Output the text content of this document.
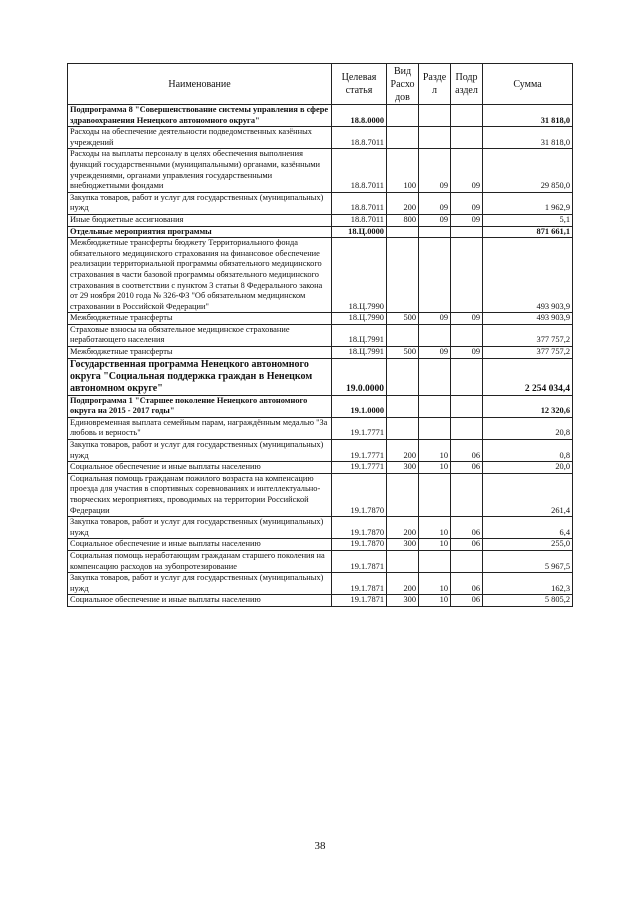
Наименование	Целевая статья	Вид Расхо дов	Разде л	Подр аздел	Сумма
Подпрограмма 8 "Совершенствование системы управления в сфере здравоохранения Ненецкого автономного округа"	18.8.0000				31 818,0
Расходы на обеспечение деятельности подведомственных казённых учреждений	18.8.7011				31 818,0
Расходы на выплаты персоналу в целях обеспечения выполнения функций государственными (муниципальными) органами, казёнными учреждениями, органами управления государственными внебюджетными фондами	18.8.7011	100	09	09	29 850,0
Закупка товаров, работ и услуг для государственных (муниципальных) нужд	18.8.7011	200	09	09	1 962,9
Иные бюджетные ассигнования	18.8.7011	800	09	09	5,1
Отдельные мероприятия программы	18.Ц.0000				871 661,1
Межбюджетные трансферты бюджету Территориального фонда обязательного медицинского страхования на финансовое обеспечение реализации территориальной программы обязательного медицинского страхования в части базовой программы обязательного медицинского страхования в соответствии с пунктом 3 статьи 8 Федерального закона от 29 ноября 2010 года № 326-ФЗ "Об обязательном медицинском страховании в Российской Федерации"	18.Ц.7990				493 903,9
Межбюджетные трансферты	18.Ц.7990	500	09	09	493 903,9
Страховые взносы на обязательное медицинское страхование неработающего населения	18.Ц.7991				377 757,2
Межбюджетные трансферты	18.Ц.7991	500	09	09	377 757,2
Государственная программа Ненецкого автономного округа "Социальная поддержка граждан в Ненецком автономном округе"	19.0.0000				2 254 034,4
Подпрограмма 1 "Старшее поколение Ненецкого автономного округа на 2015 - 2017 годы"	19.1.0000				12 320,6
Единовременная выплата семейным парам, награждённым медалью "За любовь и верность"	19.1.7771				20,8
Закупка товаров, работ и услуг для государственных (муниципальных) нужд	19.1.7771	200	10	06	0,8
Социальное обеспечение и иные выплаты населению	19.1.7771	300	10	06	20,0
Социальная помощь гражданам пожилого возраста на компенсацию проезда для участия в спортивных соревнованиях и интеллектуально-творческих мероприятиях, проводимых на территории Российской Федерации	19.1.7870				261,4
Закупка товаров, работ и услуг для государственных (муниципальных) нужд	19.1.7870	200	10	06	6,4
Социальное обеспечение и иные выплаты населению	19.1.7870	300	10	06	255,0
Социальная помощь неработающим гражданам старшего поколения на компенсацию расходов на зубопротезирование	19.1.7871				5 967,5
Закупка товаров, работ и услуг для государственных (муниципальных) нужд	19.1.7871	200	10	06	162,3
Социальное обеспечение и иные выплаты населению	19.1.7871	300	10	06	5 805,2
38
